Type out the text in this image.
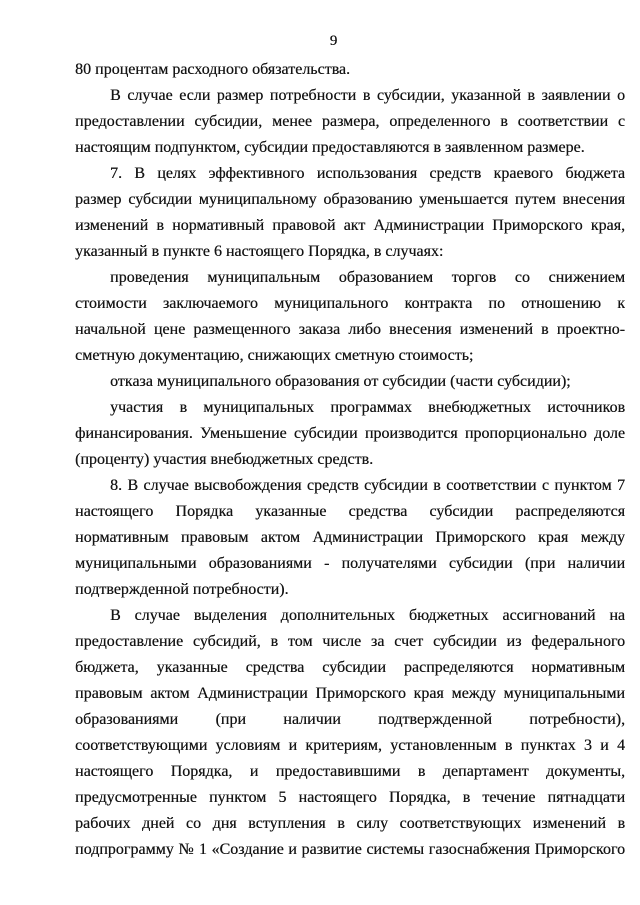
9
80 процентам расходного обязательства.
В случае если размер потребности в субсидии, указанной в заявлении о
предоставлении субсидии, менее размера, определенного в соответствии с
настоящим подпунктом, субсидии предоставляются в заявленном размере.
7. В целях эффективного использования средств краевого бюджета
размер субсидии муниципальному образованию уменьшается путем внесения
изменений в нормативный правовой акт Администрации Приморского края,
указанный в пункте 6 настоящего Порядка, в случаях:
проведения муниципальным образованием торгов со снижением
стоимости заключаемого муниципального контракта по отношению к
начальной цене размещенного заказа либо внесения изменений в проектно-
сметную документацию, снижающих сметную стоимость;
отказа муниципального образования от субсидии (части субсидии);
участия в муниципальных программах внебюджетных источников
финансирования. Уменьшение субсидии производится пропорционально доле
(проценту) участия внебюджетных средств.
8. В случае высвобождения средств субсидии в соответствии с пунктом 7
настоящего Порядка указанные средства субсидии распределяются
нормативным правовым актом Администрации Приморского края между
муниципальными образованиями - получателями субсидии (при наличии
подтвержденной потребности).
В случае выделения дополнительных бюджетных ассигнований на
предоставление субсидий, в том числе за счет субсидии из федерального
бюджета, указанные средства субсидии распределяются нормативным
правовым актом Администрации Приморского края между муниципальными
образованиями (при наличии подтвержденной потребности),
соответствующими условиям и критериям, установленным в пунктах 3 и 4
настоящего Порядка, и предоставившими в департамент документы,
предусмотренные пунктом 5 настоящего Порядка, в течение пятнадцати
рабочих дней со дня вступления в силу соответствующих изменений в
подпрограмму № 1 «Создание и развитие системы газоснабжения Приморского
